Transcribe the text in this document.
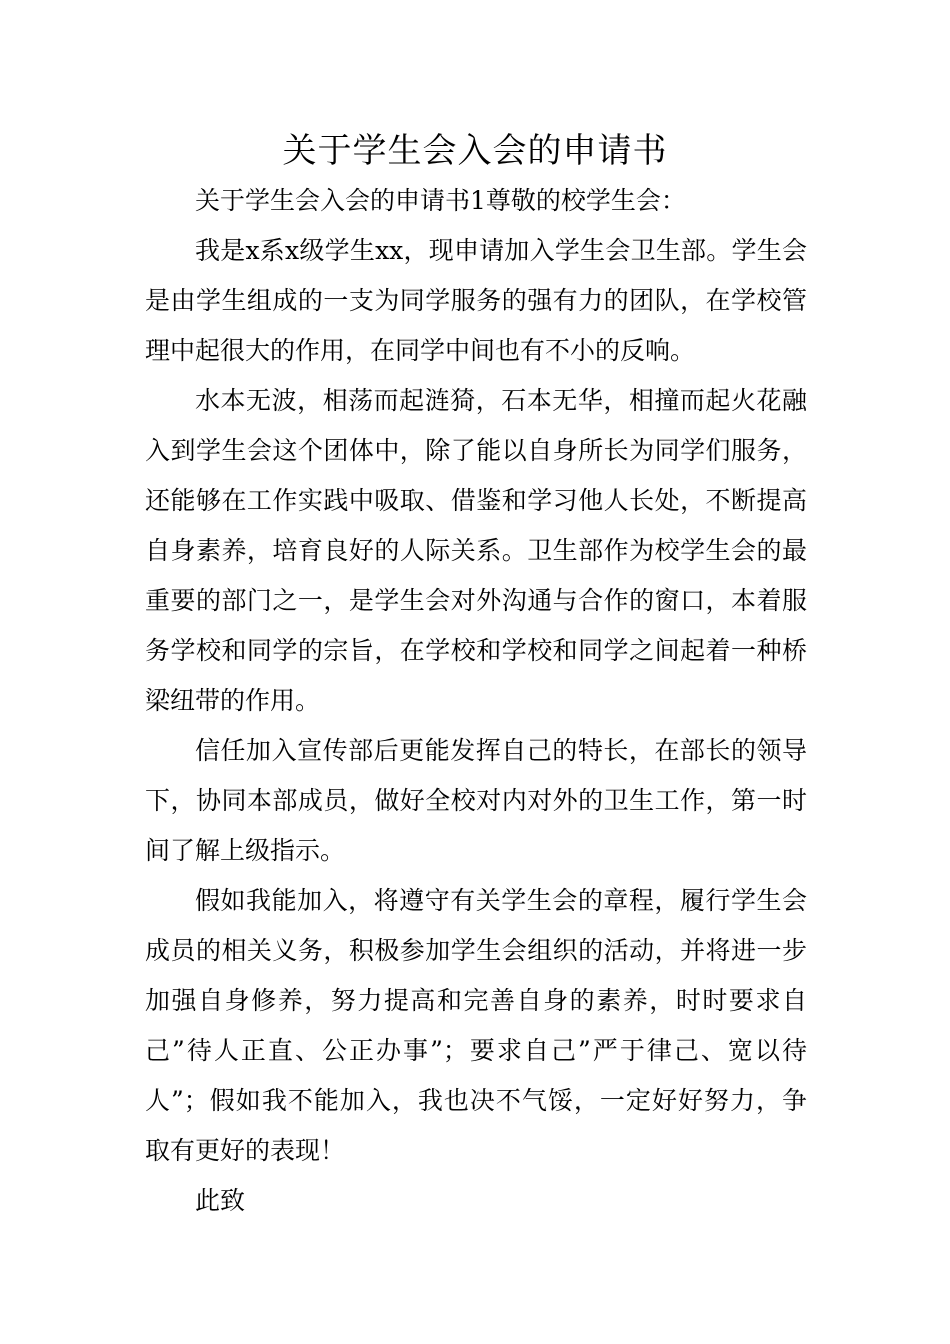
关于学生会入会的申请书

关于学生会入会的申请书1尊敬的校学生会：

我是x系x级学生xx，现申请加入学生会卫生部。学生会是由学生组成的一支为同学服务的强有力的团队，在学校管理中起很大的作用，在同学中间也有不小的反响。

水本无波，相荡而起涟猗，石本无华，相撞而起火花融入到学生会这个团体中，除了能以自身所长为同学们服务，还能够在工作实践中吸取、借鉴和学习他人长处，不断提高自身素养，培育良好的人际关系。卫生部作为校学生会的最重要的部门之一，是学生会对外沟通与合作的窗口，本着服务学校和同学的宗旨，在学校和学校和同学之间起着一种桥梁纽带的作用。

信任加入宣传部后更能发挥自己的特长，在部长的领导下，协同本部成员，做好全校对内对外的卫生工作，第一时间了解上级指示。

假如我能加入，将遵守有关学生会的章程，履行学生会成员的相关义务，积极参加学生会组织的活动，并将进一步加强自身修养，努力提高和完善自身的素养，时时要求自己”待人正直、公正办事”；要求自己”严于律己、宽以待人”；假如我不能加入，我也决不气馁，一定好好努力，争取有更好的表现！

此致
